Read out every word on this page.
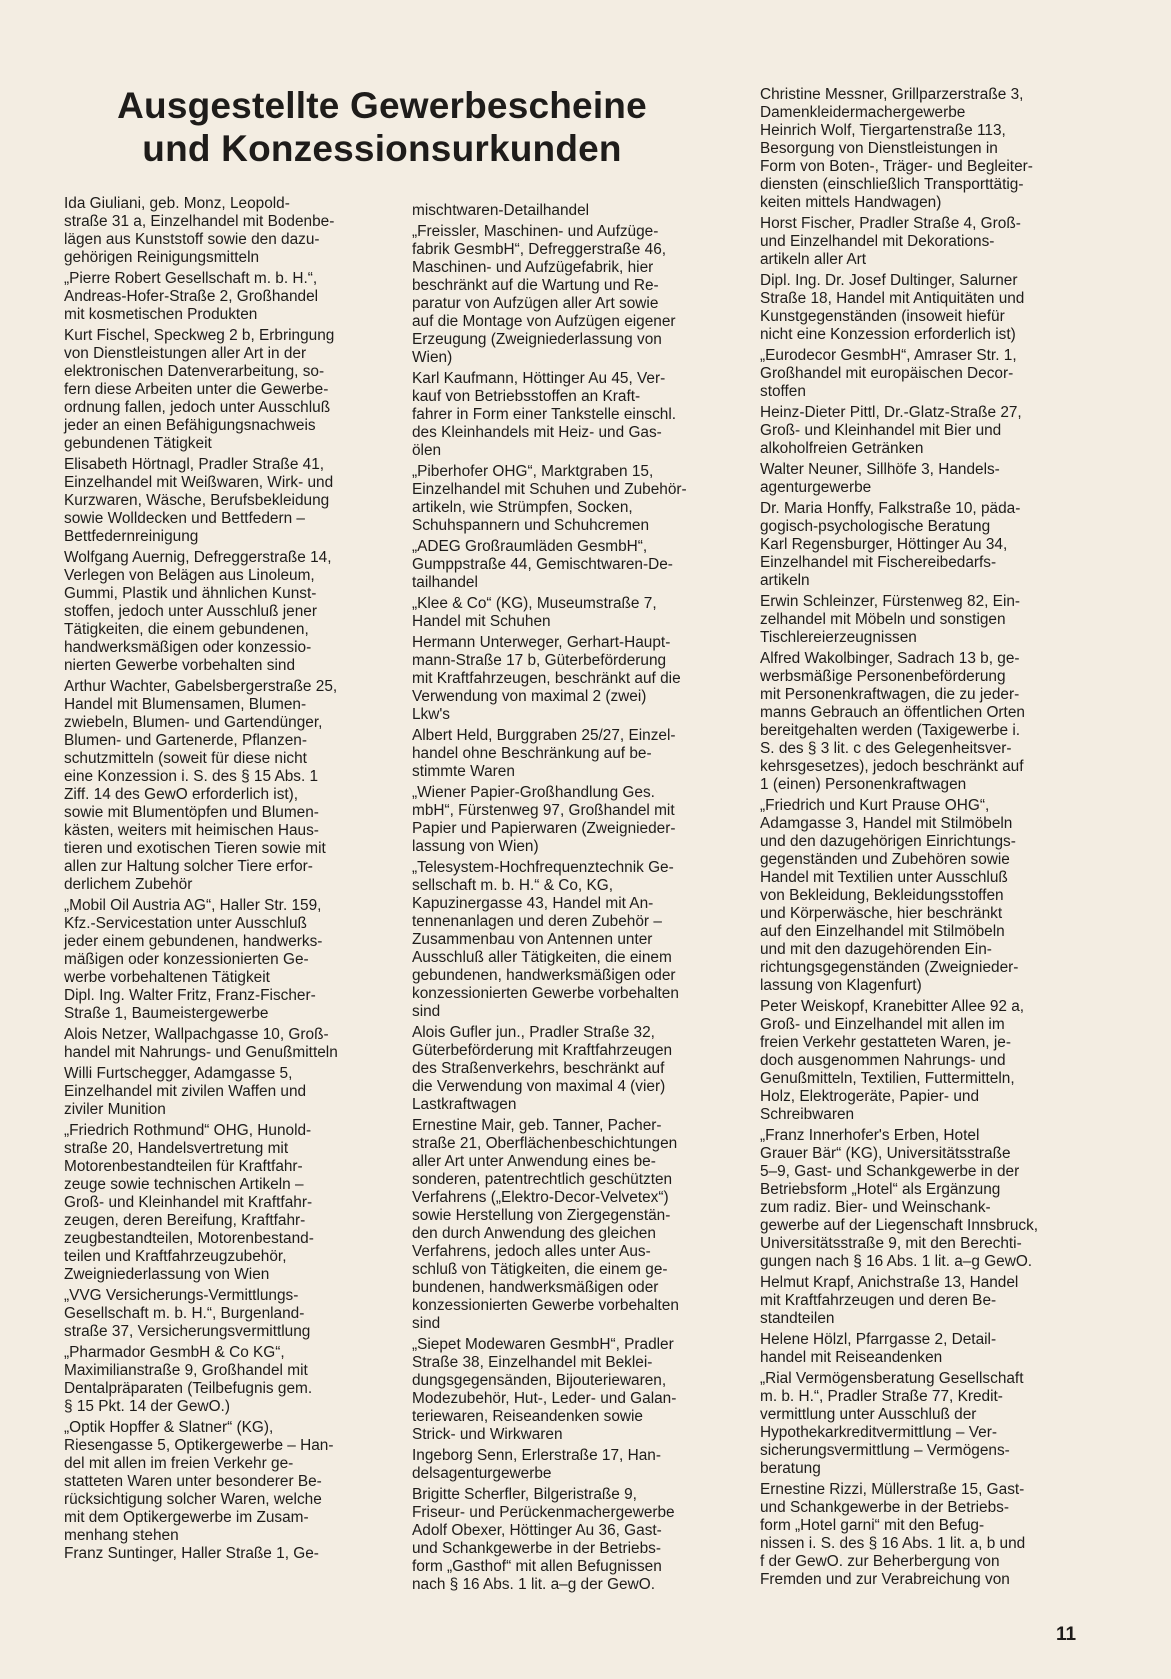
Ausgestellte Gewerbescheine
und Konzessionsurkunden
Ida Giuliani, geb. Monz, Leopold-
straße 31 a, Einzelhandel mit Bodenbe-
lägen aus Kunststoff sowie den dazu-
gehörigen Reinigungsmitteln
„Pierre Robert Gesellschaft m. b. H.“,
Andreas-Hofer-Straße 2, Großhandel
mit kosmetischen Produkten
Kurt Fischel, Speckweg 2 b, Erbringung
von Dienstleistungen aller Art in der
elektronischen Datenverarbeitung, so-
fern diese Arbeiten unter die Gewerbe-
ordnung fallen, jedoch unter Ausschluß
jeder an einen Befähigungsnachweis
gebundenen Tätigkeit
Elisabeth Hörtnagl, Pradler Straße 41,
Einzelhandel mit Weißwaren, Wirk- und
Kurzwaren, Wäsche, Berufsbekleidung
sowie Wolldecken und Bettfedern –
Bettfedernreinigung
Wolfgang Auernig, Defreggerstraße 14,
Verlegen von Belägen aus Linoleum,
Gummi, Plastik und ähnlichen Kunst-
stoffen, jedoch unter Ausschluß jener
Tätigkeiten, die einem gebundenen,
handwerksmäßigen oder konzessio-
nierten Gewerbe vorbehalten sind
Arthur Wachter, Gabelsbergerstraße 25,
Handel mit Blumensamen, Blumen-
zwiebeln, Blumen- und Gartendünger,
Blumen- und Gartenerde, Pflanzen-
schutzmitteln (soweit für diese nicht
eine Konzession i. S. des § 15 Abs. 1
Ziff. 14 des GewO erforderlich ist),
sowie mit Blumentöpfen und Blumen-
kästen, weiters mit heimischen Haus-
tieren und exotischen Tieren sowie mit
allen zur Haltung solcher Tiere erfor-
derlichem Zubehör
„Mobil Oil Austria AG“, Haller Str. 159,
Kfz.-Servicestation unter Ausschluß
jeder einem gebundenen, handwerks-
mäßigen oder konzessionierten Ge-
werbe vorbehaltenen Tätigkeit
Dipl. Ing. Walter Fritz, Franz-Fischer-
Straße 1, Baumeistergewerbe
Alois Netzer, Wallpachgasse 10, Groß-
handel mit Nahrungs- und Genußmitteln
Willi Furtschegger, Adamgasse 5,
Einzelhandel mit zivilen Waffen und
ziviler Munition
„Friedrich Rothmund“ OHG, Hunold-
straße 20, Handelsvertretung mit
Motorenbestandteilen für Kraftfahr-
zeuge sowie technischen Artikeln –
Groß- und Kleinhandel mit Kraftfahr-
zeugen, deren Bereifung, Kraftfahr-
zeugbestandteilen, Motorenbestand-
teilen und Kraftfahrzeugzubehör,
Zweigniederlassung von Wien
„VVG Versicherungs-Vermittlungs-
Gesellschaft m. b. H.“, Burgenland-
straße 37, Versicherungsvermittlung
„Pharmador GesmbH & Co KG“,
Maximilianstraße 9, Großhandel mit
Dentalpräparaten (Teilbefugnis gem.
§ 15 Pkt. 14 der GewO.)
„Optik Hopffer & Slatner“ (KG),
Riesengasse 5, Optikergewerbe – Han-
del mit allen im freien Verkehr ge-
statteten Waren unter besonderer Be-
rücksichtigung solcher Waren, welche
mit dem Optikergewerbe im Zusam-
menhang stehen
Franz Suntinger, Haller Straße 1, Ge-
mischtwaren-Detailhandel
„Freissler, Maschinen- und Aufzüge-
fabrik GesmbH“, Defreggerstraße 46,
Maschinen- und Aufzügefabrik, hier
beschränkt auf die Wartung und Re-
paratur von Aufzügen aller Art sowie
auf die Montage von Aufzügen eigener
Erzeugung (Zweigniederlassung von
Wien)
Karl Kaufmann, Höttinger Au 45, Ver-
kauf von Betriebsstoffen an Kraft-
fahrer in Form einer Tankstelle einschl.
des Kleinhandels mit Heiz- und Gas-
ölen
„Piberhofer OHG“, Marktgraben 15,
Einzelhandel mit Schuhen und Zubehör-
artikeln, wie Strümpfen, Socken,
Schuhspannern und Schuhcremen
„ADEG Großraumläden GesmbH“,
Gumppstraße 44, Gemischtwaren-De-
tailhandel
„Klee & Co“ (KG), Museumstraße 7,
Handel mit Schuhen
Hermann Unterweger, Gerhart-Haupt-
mann-Straße 17 b, Güterbeförderung
mit Kraftfahrzeugen, beschränkt auf die
Verwendung von maximal 2 (zwei)
Lkw's
Albert Held, Burggraben 25/27, Einzel-
handel ohne Beschränkung auf be-
stimmte Waren
„Wiener Papier-Großhandlung Ges.
mbH“, Fürstenweg 97, Großhandel mit
Papier und Papierwaren (Zweignieder-
lassung von Wien)
„Telesystem-Hochfrequenztechnik Ge-
sellschaft m. b. H.“ & Co, KG,
Kapuzinergasse 43, Handel mit An-
tennenanlagen und deren Zubehör –
Zusammenbau von Antennen unter
Ausschluß aller Tätigkeiten, die einem
gebundenen, handwerksmäßigen oder
konzessionierten Gewerbe vorbehalten
sind
Alois Gufler jun., Pradler Straße 32,
Güterbeförderung mit Kraftfahrzeugen
des Straßenverkehrs, beschränkt auf
die Verwendung von maximal 4 (vier)
Lastkraftwagen
Ernestine Mair, geb. Tanner, Pacher-
straße 21, Oberflächenbeschichtungen
aller Art unter Anwendung eines be-
sonderen, patentrechtlich geschützten
Verfahrens („Elektro-Decor-Velvetex“)
sowie Herstellung von Ziergegenstän-
den durch Anwendung des gleichen
Verfahrens, jedoch alles unter Aus-
schluß von Tätigkeiten, die einem ge-
bundenen, handwerksmäßigen oder
konzessionierten Gewerbe vorbehalten
sind
„Siepet Modewaren GesmbH“, Pradler
Straße 38, Einzelhandel mit Beklei-
dungsgegensänden, Bijouteriewaren,
Modezubehör, Hut-, Leder- und Galan-
teriewaren, Reiseandenken sowie
Strick- und Wirkwaren
Ingeborg Senn, Erlerstraße 17, Han-
delsagenturgewerbe
Brigitte Scherfler, Bilgeristraße 9,
Friseur- und Perückenmachergewerbe
Adolf Obexer, Höttinger Au 36, Gast-
und Schankgewerbe in der Betriebs-
form „Gasthof“ mit allen Befugnissen
nach § 16 Abs. 1 lit. a–g der GewO.
Christine Messner, Grillparzerstraße 3,
Damenkleidermachergewerbe
Heinrich Wolf, Tiergartenstraße 113,
Besorgung von Dienstleistungen in
Form von Boten-, Träger- und Begleiter-
diensten (einschließlich Transporttätig-
keiten mittels Handwagen)
Horst Fischer, Pradler Straße 4, Groß-
und Einzelhandel mit Dekorations-
artikeln aller Art
Dipl. Ing. Dr. Josef Dultinger, Salurner
Straße 18, Handel mit Antiquitäten und
Kunstgegenständen (insoweit hiefür
nicht eine Konzession erforderlich ist)
„Eurodecor GesmbH“, Amraser Str. 1,
Großhandel mit europäischen Decor-
stoffen
Heinz-Dieter Pittl, Dr.-Glatz-Straße 27,
Groß- und Kleinhandel mit Bier und
alkoholfreien Getränken
Walter Neuner, Sillhöfe 3, Handels-
agenturgewerbe
Dr. Maria Honffy, Falkstraße 10, päda-
gogisch-psychologische Beratung
Karl Regensburger, Höttinger Au 34,
Einzelhandel mit Fischereibedarfs-
artikeln
Erwin Schleinzer, Fürstenweg 82, Ein-
zelhandel mit Möbeln und sonstigen
Tischlereierzeugnissen
Alfred Wakolbinger, Sadrach 13 b, ge-
werbsmäßige Personenbeförderung
mit Personenkraftwagen, die zu jeder-
manns Gebrauch an öffentlichen Orten
bereitgehalten werden (Taxigewerbe i.
S. des § 3 lit. c des Gelegenheitsver-
kehrsgesetzes), jedoch beschränkt auf
1 (einen) Personenkraftwagen
„Friedrich und Kurt Prause OHG“,
Adamgasse 3, Handel mit Stilmöbeln
und den dazugehörigen Einrichtungs-
gegenständen und Zubehören sowie
Handel mit Textilien unter Ausschluß
von Bekleidung, Bekleidungsstoffen
und Körperwäsche, hier beschränkt
auf den Einzelhandel mit Stilmöbeln
und mit den dazugehörenden Ein-
richtungsgegenständen (Zweignieder-
lassung von Klagenfurt)
Peter Weiskopf, Kranebitter Allee 92 a,
Groß- und Einzelhandel mit allen im
freien Verkehr gestatteten Waren, je-
doch ausgenommen Nahrungs- und
Genußmitteln, Textilien, Futtermitteln,
Holz, Elektrogeräte, Papier- und
Schreibwaren
„Franz Innerhofer's Erben, Hotel
Grauer Bär“ (KG), Universitätsstraße
5–9, Gast- und Schankgewerbe in der
Betriebsform „Hotel“ als Ergänzung
zum radiz. Bier- und Weinschank-
gewerbe auf der Liegenschaft Innsbruck,
Universitätsstraße 9, mit den Berechti-
gungen nach § 16 Abs. 1 lit. a–g GewO.
Helmut Krapf, Anichstraße 13, Handel
mit Kraftfahrzeugen und deren Be-
standteilen
Helene Hölzl, Pfarrgasse 2, Detail-
handel mit Reiseandenken
„Rial Vermögensberatung Gesellschaft
m. b. H.“, Pradler Straße 77, Kredit-
vermittlung unter Ausschluß der
Hypothekarkreditvermittlung – Ver-
sicherungsvermittlung – Vermögens-
beratung
Ernestine Rizzi, Müllerstraße 15, Gast-
und Schankgewerbe in der Betriebs-
form „Hotel garni“ mit den Befug-
nissen i. S. des § 16 Abs. 1 lit. a, b und
f der GewO. zur Beherbergung von
Fremden und zur Verabreichung von
11
